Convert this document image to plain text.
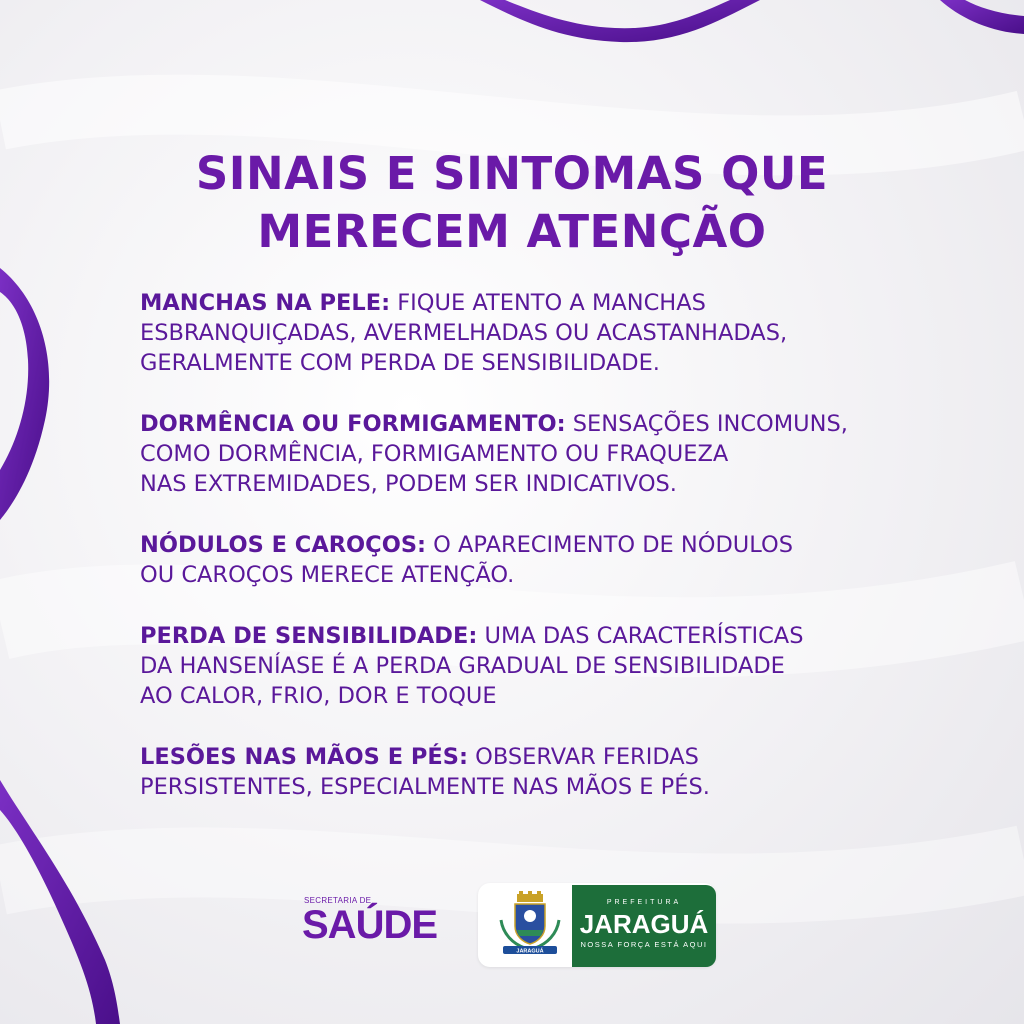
SINAIS E SINTOMAS QUE
MERECEM ATENÇÃO
MANCHAS NA PELE: FIQUE ATENTO A MANCHAS
ESBRANQUIÇADAS, AVERMELHADAS OU ACASTANHADAS,
GERALMENTE COM PERDA DE SENSIBILIDADE.
DORMÊNCIA OU FORMIGAMENTO: SENSAÇÕES INCOMUNS,
COMO DORMÊNCIA, FORMIGAMENTO OU FRAQUEZA
NAS EXTREMIDADES, PODEM SER INDICATIVOS.
NÓDULOS E CAROÇOS: O APARECIMENTO DE NÓDULOS
OU CAROÇOS MERECE ATENÇÃO.
PERDA DE SENSIBILIDADE: UMA DAS CARACTERÍSTICAS
DA HANSENÍASE É A PERDA GRADUAL DE SENSIBILIDADE
AO CALOR, FRIO, DOR E TOQUE
LESÕES NAS MÃOS E PÉS: OBSERVAR FERIDAS
PERSISTENTES, ESPECIALMENTE NAS MÃOS E PÉS.
SECRETARIA DE
SAÚDE
JARAGUÁ
PREFEITURA
JARAGUÁ
NOSSA FORÇA ESTÁ AQUI
